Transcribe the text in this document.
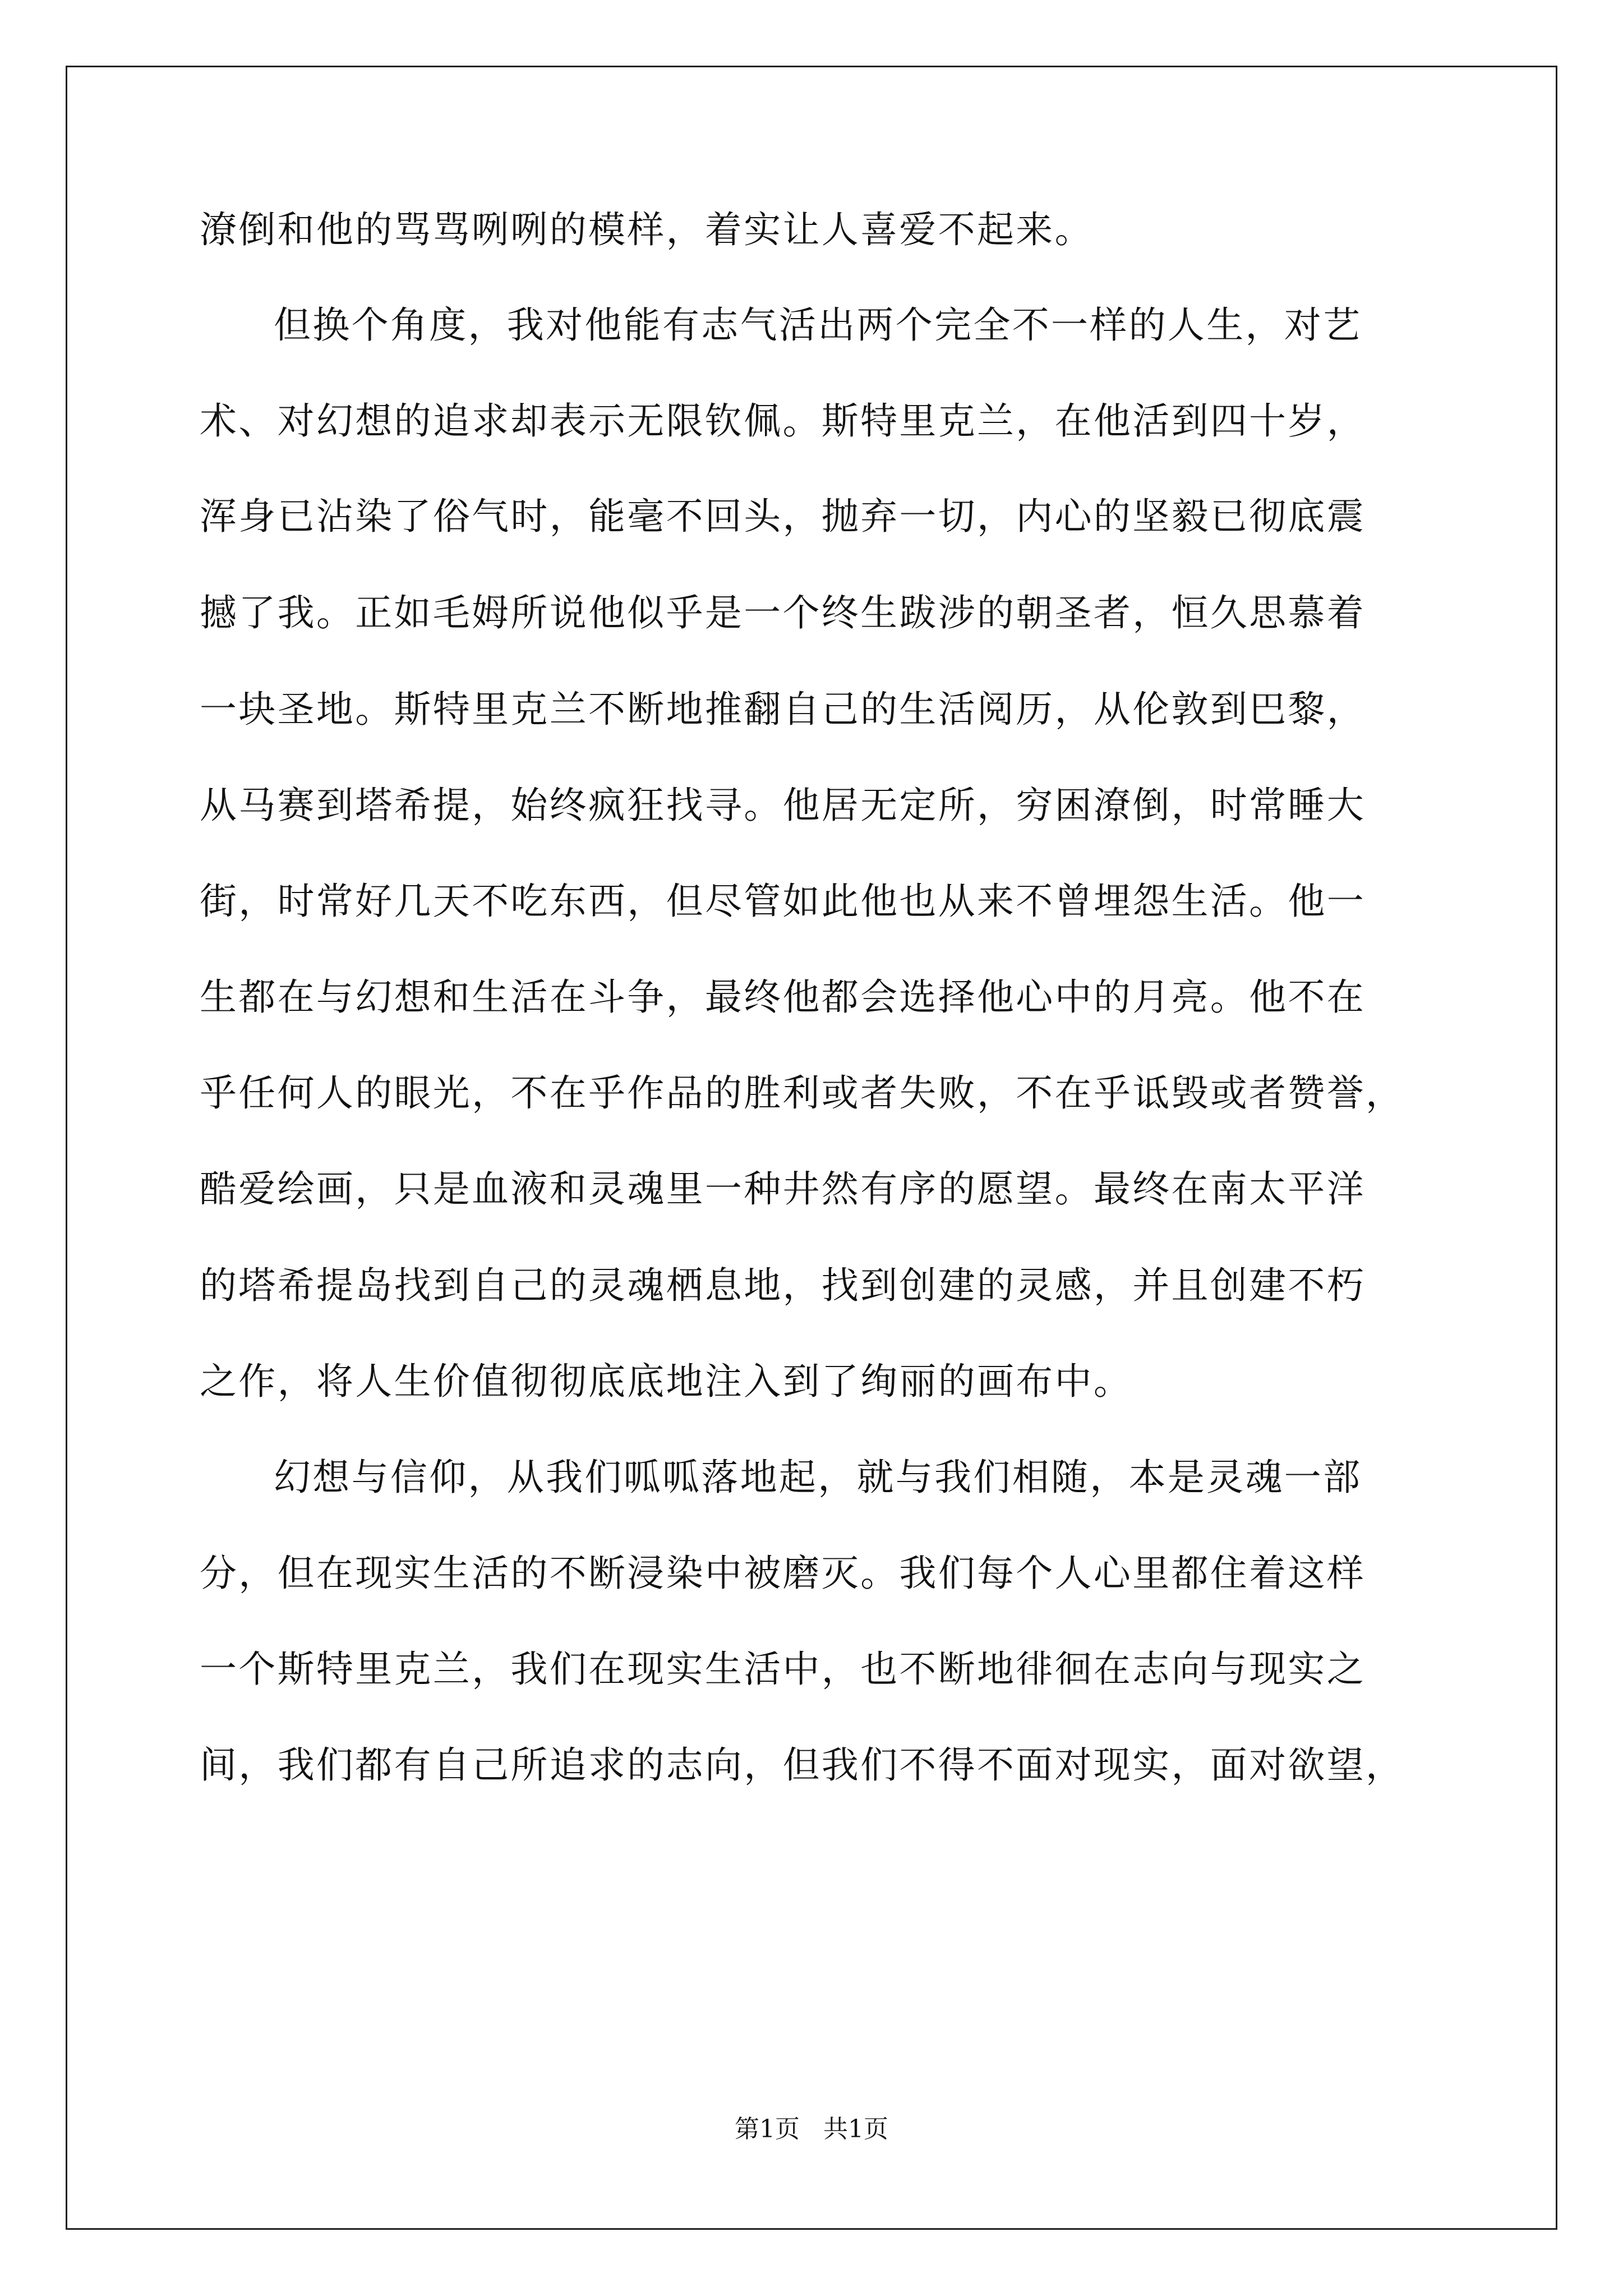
潦倒和他的骂骂咧咧的模样，着实让人喜爱不起来。
但换个角度，我对他能有志气活出两个完全不一样的人生，对艺
术、对幻想的追求却表示无限钦佩。斯特里克兰，在他活到四十岁，
浑身已沾染了俗气时，能毫不回头，抛弃一切，内心的坚毅已彻底震
撼了我。正如毛姆所说他似乎是一个终生跋涉的朝圣者，恒久思慕着
一块圣地。斯特里克兰不断地推翻自己的生活阅历，从伦敦到巴黎，
从马赛到塔希提，始终疯狂找寻。他居无定所，穷困潦倒，时常睡大
街，时常好几天不吃东西，但尽管如此他也从来不曾埋怨生活。他一
生都在与幻想和生活在斗争，最终他都会选择他心中的月亮。他不在
乎任何人的眼光，不在乎作品的胜利或者失败，不在乎诋毁或者赞誉，
酷爱绘画，只是血液和灵魂里一种井然有序的愿望。最终在南太平洋
的塔希提岛找到自己的灵魂栖息地，找到创建的灵感，并且创建不朽
之作，将人生价值彻彻底底地注入到了绚丽的画布中。
幻想与信仰，从我们呱呱落地起，就与我们相随，本是灵魂一部
分，但在现实生活的不断浸染中被磨灭。我们每个人心里都住着这样
一个斯特里克兰，我们在现实生活中，也不断地徘徊在志向与现实之
间，我们都有自己所追求的志向，但我们不得不面对现实，面对欲望，
第1页   共1页
